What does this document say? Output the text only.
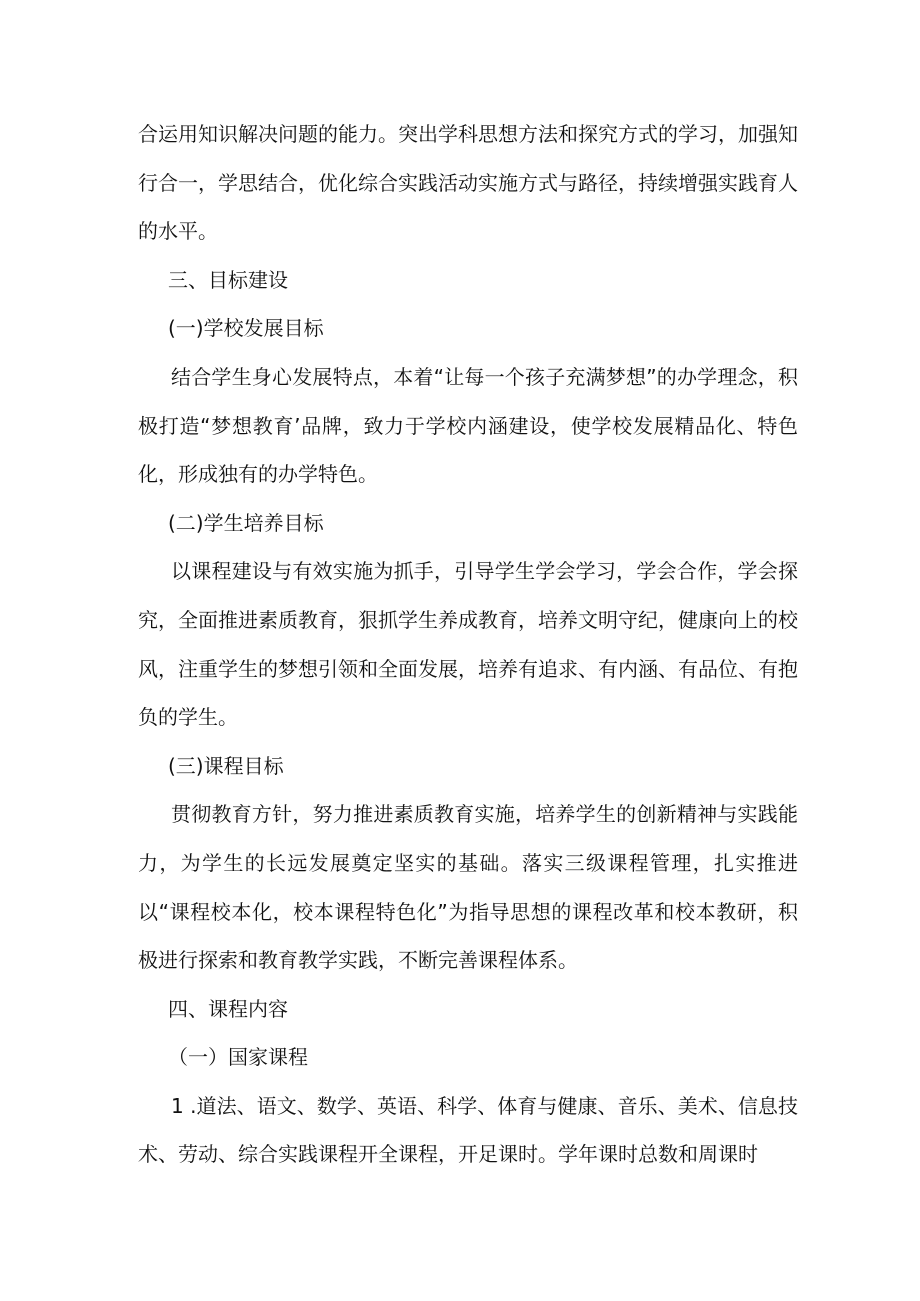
合运用知识解决问题的能力。突出学科思想方法和探究方式的学习，加强知行合一，学思结合，优化综合实践活动实施方式与路径，持续增强实践育人的水平。

三、目标建设

(一)学校发展目标

结合学生身心发展特点，本着“让每一个孩子充满梦想”的办学理念，积极打造“梦想教育’品牌，致力于学校内涵建设，使学校发展精品化、特色化，形成独有的办学特色。

(二)学生培养目标

以课程建设与有效实施为抓手，引导学生学会学习，学会合作，学会探究，全面推进素质教育，狠抓学生养成教育，培养文明守纪，健康向上的校风，注重学生的梦想引领和全面发展，培养有追求、有内涵、有品位、有抱负的学生。

(三)课程目标

贯彻教育方针，努力推进素质教育实施，培养学生的创新精神与实践能力，为学生的长远发展奠定坚实的基础。落实三级课程管理，扎实推进以“课程校本化，校本课程特色化”为指导思想的课程改革和校本教研，积极进行探索和教育教学实践，不断完善课程体系。

四、课程内容

（一）国家课程

1 .道法、语文、数学、英语、科学、体育与健康、音乐、美术、信息技术、劳动、综合实践课程开全课程，开足课时。学年课时总数和周课时
